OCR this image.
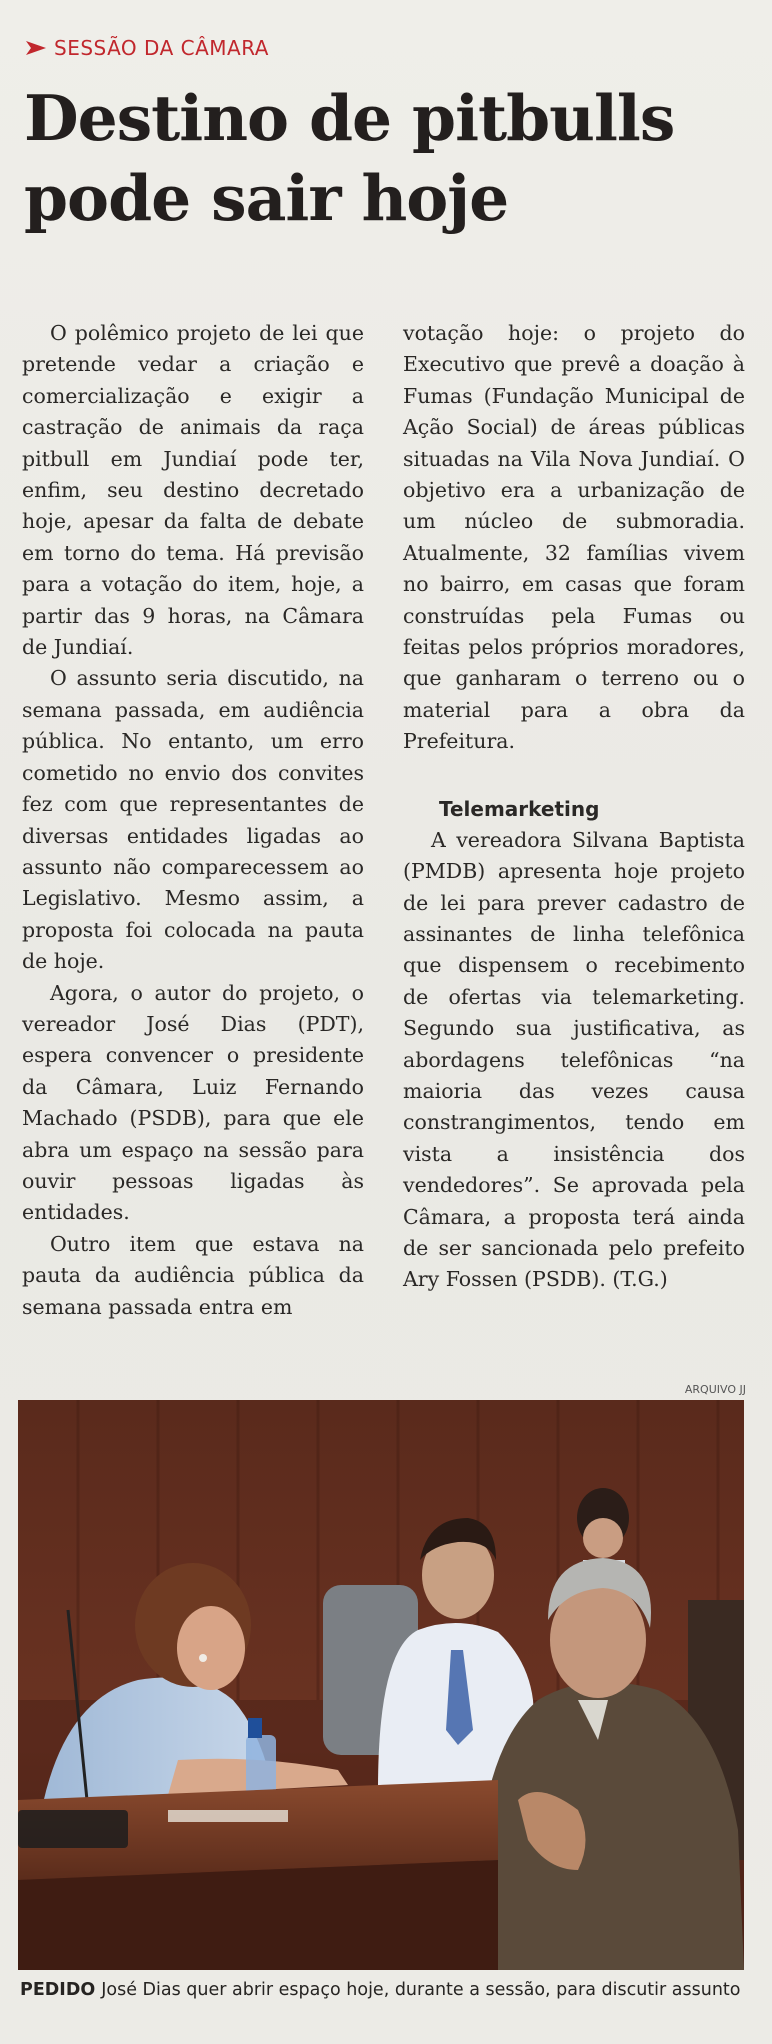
SESSÃO DA CÂMARA
Destino de pitbulls
pode sair hoje

O polêmico projeto de lei que pretende vedar a criação e comercialização e exigir a castração de animais da raça pitbull em Jundiaí pode ter, enfim, seu destino decretado hoje, apesar da falta de debate em torno do tema. Há previsão para a votação do item, hoje, a partir das 9 horas, na Câmara de Jundiaí.

O assunto seria discutido, na semana passada, em audiência pública. No entanto, um erro cometido no envio dos convites fez com que representantes de diversas entidades ligadas ao assunto não comparecessem ao Legislativo. Mesmo assim, a proposta foi colocada na pauta de hoje.

Agora, o autor do projeto, o vereador José Dias (PDT), espera convencer o presidente da Câmara, Luiz Fernando Machado (PSDB), para que ele abra um espaço na sessão para ouvir pessoas ligadas às entidades.

Outro item que estava na pauta da audiência pública da semana passada entra em

votação hoje: o projeto do Executivo que prevê a doação à Fumas (Fundação Municipal de Ação Social) de áreas públicas situadas na Vila Nova Jundiaí. O objetivo era a urbanização de um núcleo de submoradia. Atualmente, 32 famílias vivem no bairro, em casas que foram construídas pela Fumas ou feitas pelos próprios moradores, que ganharam o terreno ou o material para a obra da Prefeitura.

Telemarketing

A vereadora Silvana Baptista (PMDB) apresenta hoje projeto de lei para prever cadastro de assinantes de linha telefônica que dispensem o recebimento de ofertas via telemarketing. Segundo sua justificativa, as abordagens telefônicas “na maioria das vezes causa constrangimentos, tendo em vista a insistência dos vendedores”. Se aprovada pela Câmara, a proposta terá ainda de ser sancionada pelo prefeito Ary Fossen (PSDB). (T.G.)

ARQUIVO JJ
PEDIDO José Dias quer abrir espaço hoje, durante a sessão, para discutir assunto
